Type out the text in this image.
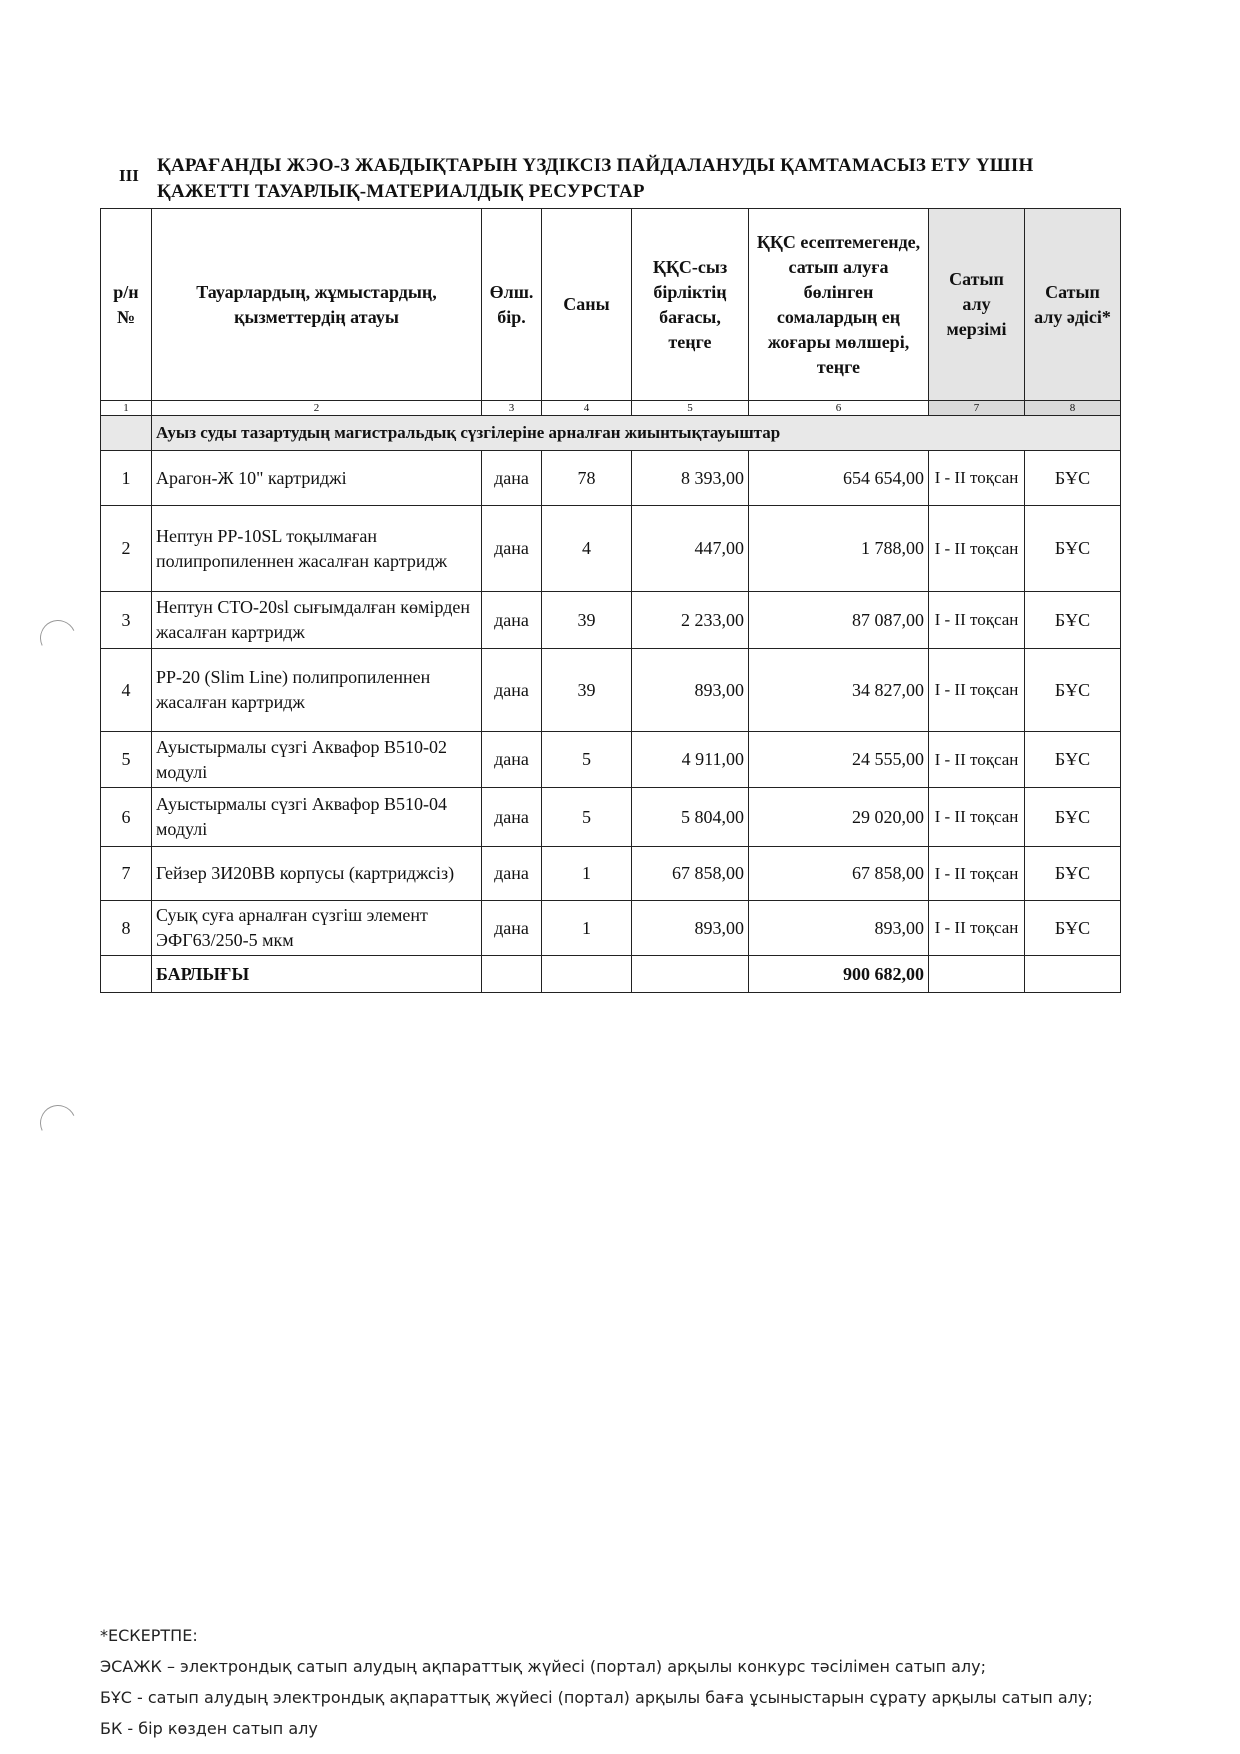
III ҚАРАҒАНДЫ ЖЭО-3 ЖАБДЫҚТАРЫН ҮЗДІКСІЗ ПАЙДАЛАНУДЫ ҚАМТАМАСЫЗ ЕТУ ҮШІН
ҚАЖЕТТІ ТАУАРЛЫҚ-МАТЕРИАЛДЫҚ РЕСУРСТАР
р/н №	Тауарлардың, жұмыстардың, қызметтердің атауы	Өлш. бір.	Саны	ҚҚС-сыз бірліктің бағасы, теңге	ҚҚС есептемегенде, сатып алуға бөлінген сомалардың ең жоғары мөлшері, теңге	Сатып алу мерзімі	Сатып алу әдісі*
1	2	3	4	5	6	7	8
	Ауыз суды тазартудың магистральдық сүзгілеріне арналған жиынтықтауыштар						
1	Арагон-Ж 10" картриджі	дана	78	8 393,00	654 654,00	I - II тоқсан	БҰС
2	Нептун PP-10SL тоқылмаған полипропиленнен жасалған картридж	дана	4	447,00	1 788,00	I - II тоқсан	БҰС
3	Нептун CTO-20sl сығымдалған көмірден жасалған картридж	дана	39	2 233,00	87 087,00	I - II тоқсан	БҰС
4	PP-20 (Slim Line) полипропиленнен жасалған картридж	дана	39	893,00	34 827,00	I - II тоқсан	БҰС
5	Ауыстырмалы сүзгі Аквафор B510-02 модулі	дана	5	4 911,00	24 555,00	I - II тоқсан	БҰС
6	Ауыстырмалы сүзгі Аквафор B510-04 модулі	дана	5	5 804,00	29 020,00	I - II тоқсан	БҰС
7	Гейзер 3И20BB корпусы (картриджсіз)	дана	1	67 858,00	67 858,00	I - II тоқсан	БҰС
8	Суық суға арналған сүзгіш элемент ЭФГ63/250-5 мкм	дана	1	893,00	893,00	I - II тоқсан	БҰС
	БАРЛЫҒЫ				900 682,00		
*ЕСКЕРТПЕ:
ЭСАЖК – электрондық сатып алудың ақпараттық жүйесі (портал) арқылы конкурс тәсілімен сатып алу;
БҰС - сатып алудың электрондық ақпараттық жүйесі (портал) арқылы баға ұсыныстарын сұрату арқылы сатып алу;
БК - бір көзден сатып алу
